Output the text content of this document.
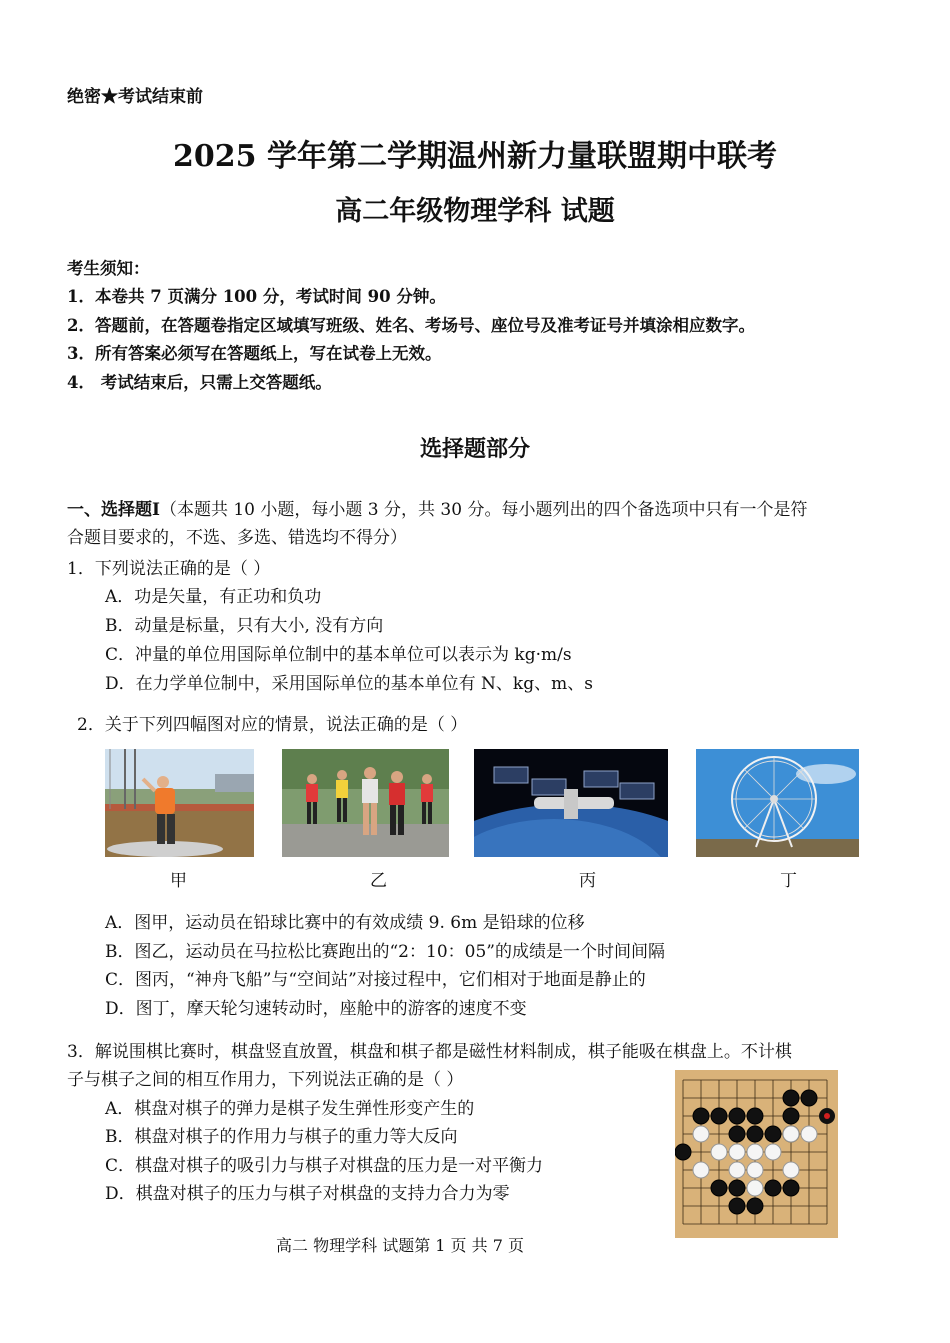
绝密★考试结束前
2025 学年第二学期温州新力量联盟期中联考
高二年级物理学科 试题
考生须知：
1．本卷共 7 页满分 100 分，考试时间 90 分钟。
2．答题前，在答题卷指定区域填写班级、姓名、考场号、座位号及准考证号并填涂相应数字。
3．所有答案必须写在答题纸上，写在试卷上无效。
4． 考试结束后，只需上交答题纸。
选择题部分
一、选择题Ⅰ（本题共 10 小题，每小题 3 分，共 30 分。每小题列出的四个备选项中只有一个是符
合题目要求的，不选、多选、错选均不得分）
1．下列说法正确的是（ ）
A．功是矢量，有正功和负功
B．动量是标量，只有大小, 没有方向
C．冲量的单位用国际单位制中的基本单位可以表示为 kg·m/s
D．在力学单位制中，采用国际单位的基本单位有 N、kg、m、s
2．关于下列四幅图对应的情景，说法正确的是（ ）
甲	乙	丙	丁
A．图甲，运动员在铅球比赛中的有效成绩 9. 6m 是铅球的位移
B．图乙，运动员在马拉松比赛跑出的“2：10：05”的成绩是一个时间间隔
C．图丙，“神舟飞船”与“空间站”对接过程中，它们相对于地面是静止的
D．图丁，摩天轮匀速转动时，座舱中的游客的速度不变
3．解说围棋比赛时，棋盘竖直放置，棋盘和棋子都是磁性材料制成，棋子能吸在棋盘上。不计棋
子与棋子之间的相互作用力，下列说法正确的是（ ）
A．棋盘对棋子的弹力是棋子发生弹性形变产生的
B．棋盘对棋子的作用力与棋子的重力等大反向
C．棋盘对棋子的吸引力与棋子对棋盘的压力是一对平衡力
D．棋盘对棋子的压力与棋子对棋盘的支持力合力为零
高二 物理学科 试题第 1 页 共 7 页
